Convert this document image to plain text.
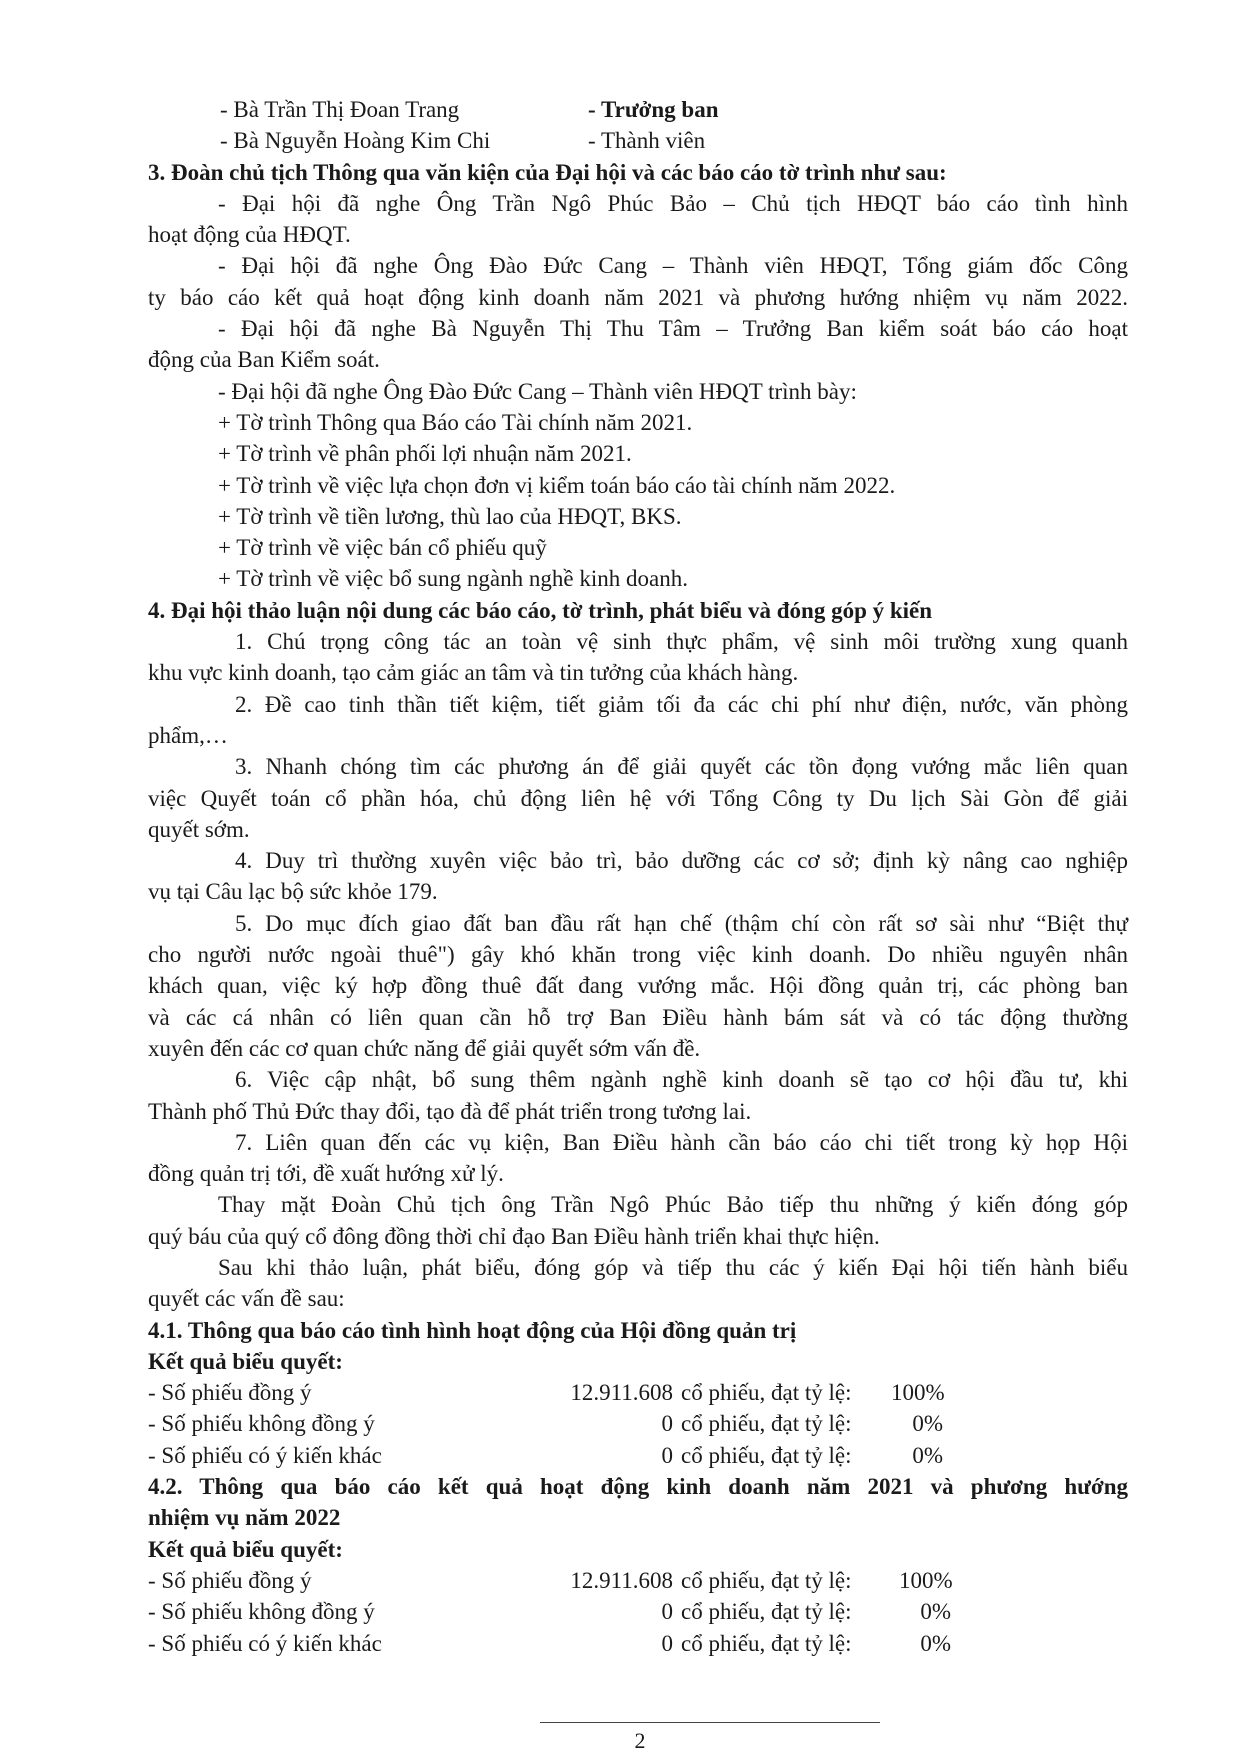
- Bà Trần Thị Đoan Trang	- Trưởng ban
- Bà Nguyễn Hoàng Kim Chi	- Thành viên

3. Đoàn chủ tịch Thông qua văn kiện của Đại hội và các báo cáo tờ trình như sau:

- Đại hội đã nghe Ông Trần Ngô Phúc Bảo – Chủ tịch HĐQT báo cáo tình hình

hoạt động của HĐQT.

- Đại hội đã nghe Ông Đào Đức Cang – Thành viên HĐQT, Tổng giám đốc Công

ty báo cáo kết quả hoạt động kinh doanh năm 2021 và phương hướng nhiệm vụ năm 2022.

- Đại hội đã nghe Bà Nguyễn Thị Thu Tâm – Trưởng Ban kiểm soát báo cáo hoạt

động của Ban Kiểm soát.

- Đại hội đã nghe Ông Đào Đức Cang – Thành viên HĐQT trình bày:

+ Tờ trình Thông qua Báo cáo Tài chính năm 2021.

+ Tờ trình về phân phối lợi nhuận năm 2021.

+ Tờ trình về việc lựa chọn đơn vị kiểm toán báo cáo tài chính năm 2022.

+ Tờ trình về tiền lương, thù lao của HĐQT, BKS.

+ Tờ trình về việc bán cổ phiếu quỹ

+ Tờ trình về việc bổ sung ngành nghề kinh doanh.

4. Đại hội thảo luận nội dung các báo cáo, tờ trình, phát biểu và đóng góp ý kiến

1. Chú trọng công tác an toàn vệ sinh thực phẩm, vệ sinh môi trường xung quanh

khu vực kinh doanh, tạo cảm giác an tâm và tin tưởng của khách hàng.

2. Đề cao tinh thần tiết kiệm, tiết giảm tối đa các chi phí như điện, nước, văn phòng

phẩm,…

3. Nhanh chóng tìm các phương án để giải quyết các tồn đọng vướng mắc liên quan

việc Quyết toán cổ phần hóa, chủ động liên hệ với Tổng Công ty Du lịch Sài Gòn để giải

quyết sớm.

4. Duy trì thường xuyên việc bảo trì, bảo dưỡng các cơ sở; định kỳ nâng cao nghiệp

vụ tại Câu lạc bộ sức khỏe 179.

5. Do mục đích giao đất ban đầu rất hạn chế (thậm chí còn rất sơ sài như “Biệt thự

cho người nước ngoài thuê") gây khó khăn trong việc kinh doanh. Do nhiều nguyên nhân

khách quan, việc ký hợp đồng thuê đất đang vướng mắc. Hội đồng quản trị, các phòng ban

và các cá nhân có liên quan cần hỗ trợ Ban Điều hành bám sát và có tác động thường

xuyên đến các cơ quan chức năng để giải quyết sớm vấn đề.

6. Việc cập nhật, bổ sung thêm ngành nghề kinh doanh sẽ tạo cơ hội đầu tư, khi

Thành phố Thủ Đức thay đổi, tạo đà để phát triển trong tương lai.

7. Liên quan đến các vụ kiện, Ban Điều hành cần báo cáo chi tiết trong kỳ họp Hội

đồng quản trị tới, đề xuất hướng xử lý.

Thay mặt Đoàn Chủ tịch ông Trần Ngô Phúc Bảo tiếp thu những ý kiến đóng góp

quý báu của quý cổ đông đồng thời chỉ đạo Ban Điều hành triển khai thực hiện.

Sau khi thảo luận, phát biểu, đóng góp và tiếp thu các ý kiến Đại hội tiến hành biểu

quyết các vấn đề sau:

4.1. Thông qua báo cáo tình hình hoạt động của Hội đồng quản trị

Kết quả biểu quyết:

- Số phiếu đồng ý	12.911.608 cổ phiếu, đạt tỷ lệ:	100%
- Số phiếu không đồng ý	0 cổ phiếu, đạt tỷ lệ:	0%
- Số phiếu có ý kiến khác	0 cổ phiếu, đạt tỷ lệ:	0%

4.2. Thông qua báo cáo kết quả hoạt động kinh doanh năm 2021 và phương hướng

nhiệm vụ năm 2022

Kết quả biểu quyết:

- Số phiếu đồng ý	12.911.608 cổ phiếu, đạt tỷ lệ:	100%
- Số phiếu không đồng ý	0 cổ phiếu, đạt tỷ lệ:	0%
- Số phiếu có ý kiến khác	0 cổ phiếu, đạt tỷ lệ:	0%
2
